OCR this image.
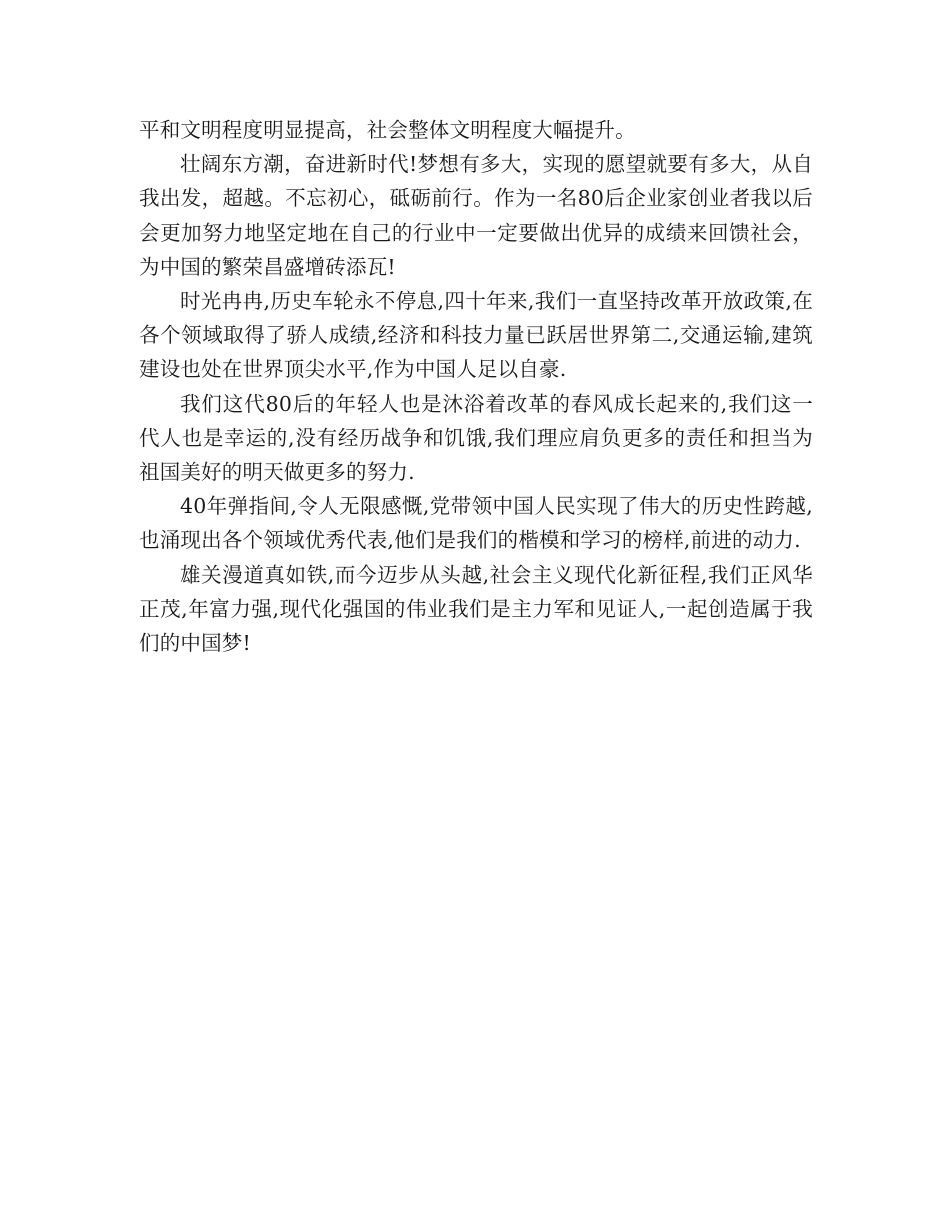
平和文明程度明显提高，社会整体文明程度大幅提升。

壮阔东方潮，奋进新时代!梦想有多大，实现的愿望就要有多大，从自我出发，超越。不忘初心，砥砺前行。作为一名80后企业家创业者我以后会更加努力地坚定地在自己的行业中一定要做出优异的成绩来回馈社会，为中国的繁荣昌盛增砖添瓦!

时光冉冉,历史车轮永不停息,四十年来,我们一直坚持改革开放政策,在各个领域取得了骄人成绩,经济和科技力量已跃居世界第二,交通运输,建筑建设也处在世界顶尖水平,作为中国人足以自豪.

我们这代80后的年轻人也是沐浴着改革的春风成长起来的,我们这一代人也是幸运的,没有经历战争和饥饿,我们理应肩负更多的责任和担当为祖国美好的明天做更多的努力.

40年弹指间,令人无限感慨,党带领中国人民实现了伟大的历史性跨越,也涌现出各个领域优秀代表,他们是我们的楷模和学习的榜样,前进的动力.

雄关漫道真如铁,而今迈步从头越,社会主义现代化新征程,我们正风华正茂,年富力强,现代化强国的伟业我们是主力军和见证人,一起创造属于我们的中国梦!
